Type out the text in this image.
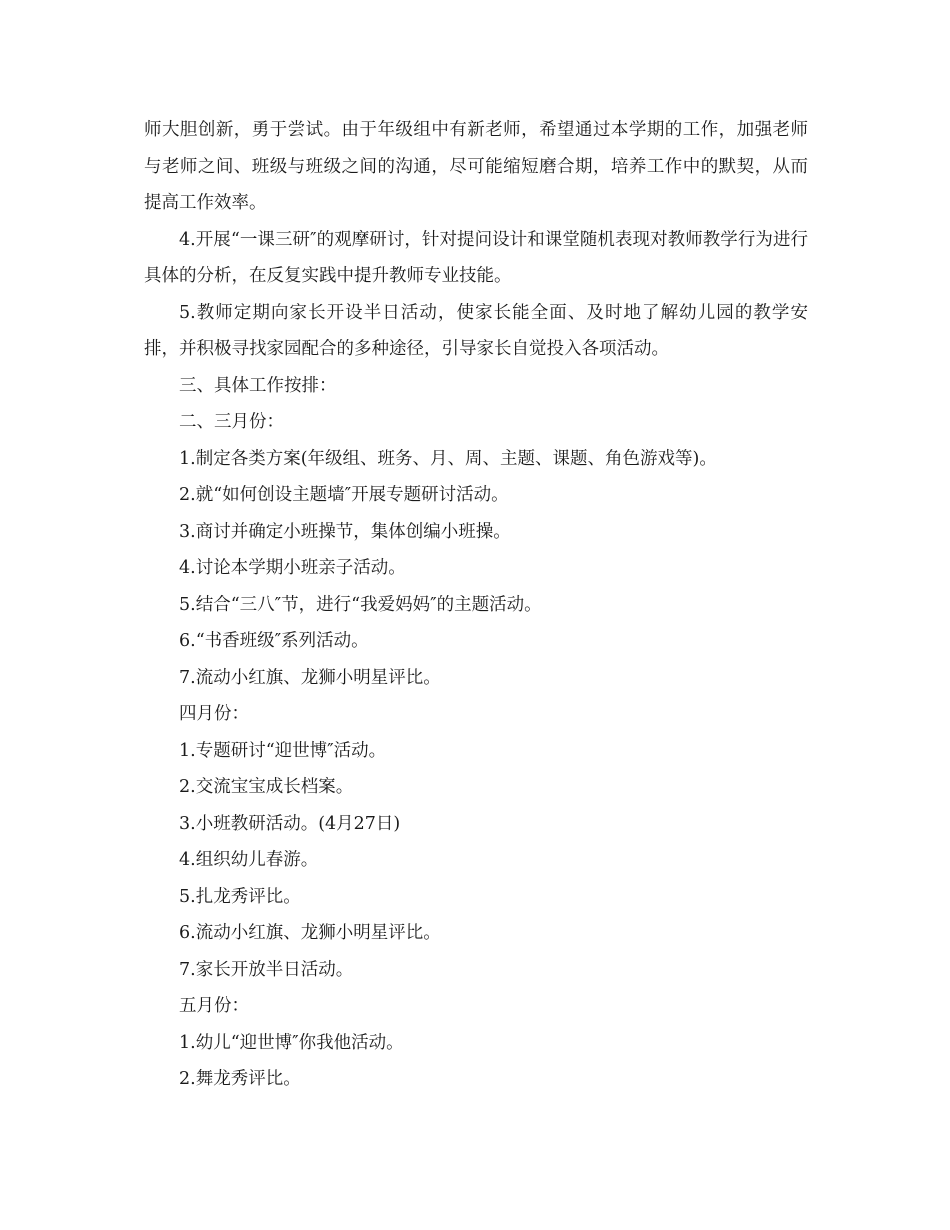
师大胆创新，勇于尝试。由于年级组中有新老师，希望通过本学期的工作，加强老师与老师之间、班级与班级之间的沟通，尽可能缩短磨合期，培养工作中的默契，从而提高工作效率。

4.开展“一课三研″的观摩研讨，针对提问设计和课堂随机表现对教师教学行为进行具体的分析，在反复实践中提升教师专业技能。

5.教师定期向家长开设半日活动，使家长能全面、及时地了解幼儿园的教学安排，并积极寻找家园配合的多种途径，引导家长自觉投入各项活动。

三、具体工作按排：

二、三月份：

1.制定各类方案(年级组、班务、月、周、主题、课题、角色游戏等)。

2.就“如何创设主题墙″开展专题研讨活动。

3.商讨并确定小班操节，集体创编小班操。

4.讨论本学期小班亲子活动。

5.结合“三八″节，进行“我爱妈妈″的主题活动。

6.“书香班级″系列活动。

7.流动小红旗、龙狮小明星评比。

四月份：

1.专题研讨“迎世博″活动。

2.交流宝宝成长档案。

3.小班教研活动。(4月27日)

4.组织幼儿春游。

5.扎龙秀评比。

6.流动小红旗、龙狮小明星评比。

7.家长开放半日活动。

五月份：

1.幼儿“迎世博″你我他活动。

2.舞龙秀评比。
